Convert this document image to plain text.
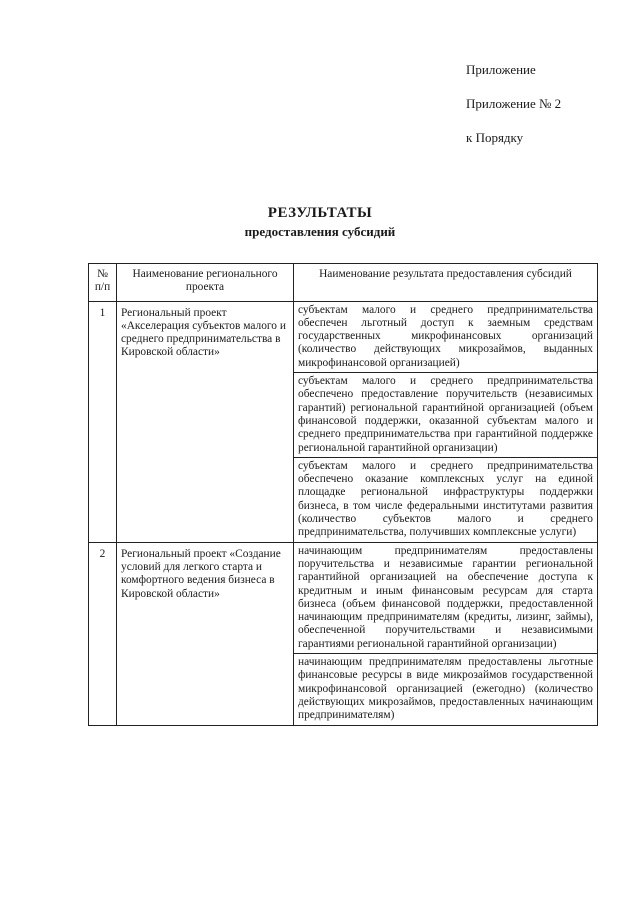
Приложение
Приложение № 2
к Порядку
РЕЗУЛЬТАТЫ
предоставления субсидий
№ п/п	Наименование регионального проекта	Наименование результата предоставления субсидий
1	Региональный проект «Акселерация субъектов малого и среднего предпринимательства в Кировской области»	субъектам малого и среднего предпринимательства обеспечен льготный доступ к заемным средствам государственных микрофинансовых организаций (количество действующих микрозаймов, выданных микрофинансовой организацией)
		субъектам малого и среднего предпринимательства обеспечено предоставление поручительств (независимых гарантий) региональной гарантийной организацией (объем финансовой поддержки, оказанной субъектам малого и среднего предпринимательства при гарантийной поддержке региональной гарантийной организации)
		субъектам малого и среднего предпринимательства обеспечено оказание комплексных услуг на единой площадке региональной инфраструктуры поддержки бизнеса, в том числе федеральными институтами развития (количество субъектов малого и среднего предпринимательства, получивших комплексные услуги)
2	Региональный проект «Создание условий для легкого старта и комфортного ведения бизнеса в Кировской области»	начинающим предпринимателям предоставлены поручительства и независимые гарантии региональной гарантийной организацией на обеспечение доступа к кредитным и иным финансовым ресурсам для старта бизнеса (объем финансовой поддержки, предоставленной начинающим предпринимателям (кредиты, лизинг, займы), обеспеченной поручительствами и независимыми гарантиями региональной гарантийной организации)
		начинающим предпринимателям предоставлены льготные финансовые ресурсы в виде микрозаймов государственной микрофинансовой организацией (ежегодно) (количество действующих микрозаймов, предоставленных начинающим предпринимателям)
